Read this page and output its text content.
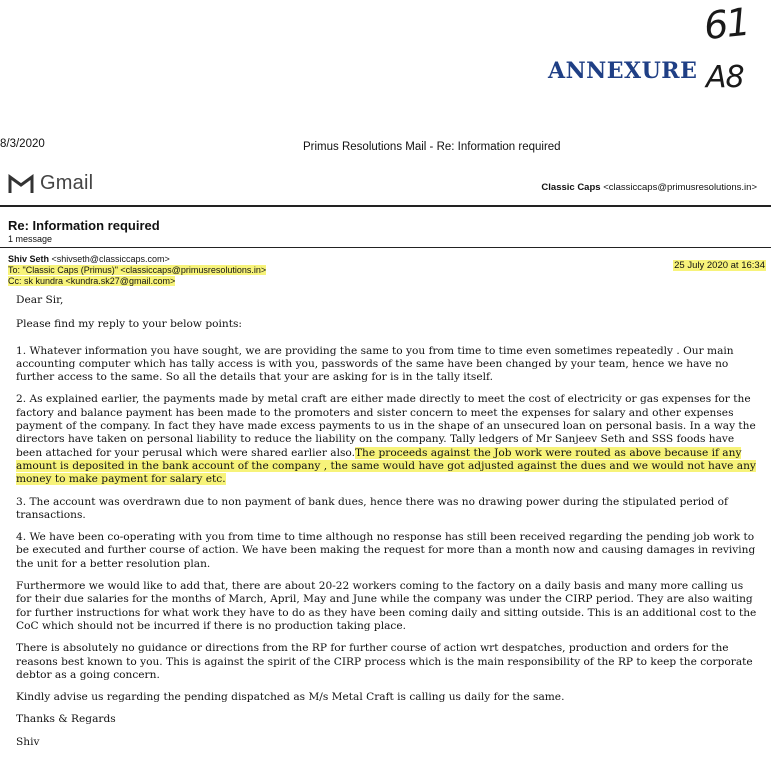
61
ANNEXURE A8
8/3/2020	Primus Resolutions Mail - Re: Information required
Gmail	Classic Caps <classiccaps@primusresolutions.in>
Re: Information required
1 message
Shiv Seth <shivseth@classiccaps.com>
To: "Classic Caps (Primus)" <classiccaps@primusresolutions.in>
Cc: sk kundra <kundra.sk27@gmail.com>
25 July 2020 at 16:34

Dear Sir,

Please find my reply to your below points:

1. Whatever information you have sought, we are providing the same to you from time to time even sometimes repeatedly . Our main accounting computer which has tally access is with you, passwords of the same have been changed by your team, hence we have no further access to the same. So all the details that your are asking for is in the tally itself.

2. As explained earlier, the payments made by metal craft are either made directly to meet the cost of electricity or gas expenses for the factory and balance payment has been made to the promoters and sister concern to meet the expenses for salary and other expenses payment of the company. In fact they have made excess payments to us in the shape of an unsecured loan on personal basis. In a way the directors have taken on personal liability to reduce the liability on the company. Tally ledgers of Mr Sanjeev Seth and SSS foods have been attached for your perusal which were shared earlier also.The proceeds against the Job work were routed as above because if any amount is deposited in the bank account of the company , the same would have got adjusted against the dues and we would not have any money to make payment for salary etc.

3. The account was overdrawn due to non payment of bank dues, hence there was no drawing power during the stipulated period of transactions.

4. We have been co-operating with you from time to time although no response has still been received regarding the pending job work to be executed and further course of action. We have been making the request for more than a month now and causing damages in reviving the unit for a better resolution plan.

Furthermore we would like to add that, there are about 20-22 workers coming to the factory on a daily basis and many more calling us for their due salaries for the months of March, April, May and June while the company was under the CIRP period. They are also waiting for further instructions for what work they have to do as they have been coming daily and sitting outside. This is an additional cost to the CoC which should not be incurred if there is no production taking place.

There is absolutely no guidance or directions from the RP for further course of action wrt despatches, production and orders for the reasons best known to you. This is against the spirit of the CIRP process which is the main responsibility of the RP to keep the corporate debtor as a going concern.

Kindly advise us regarding the pending dispatched as M/s Metal Craft is calling us daily for the same.

Thanks & Regards

Shiv
